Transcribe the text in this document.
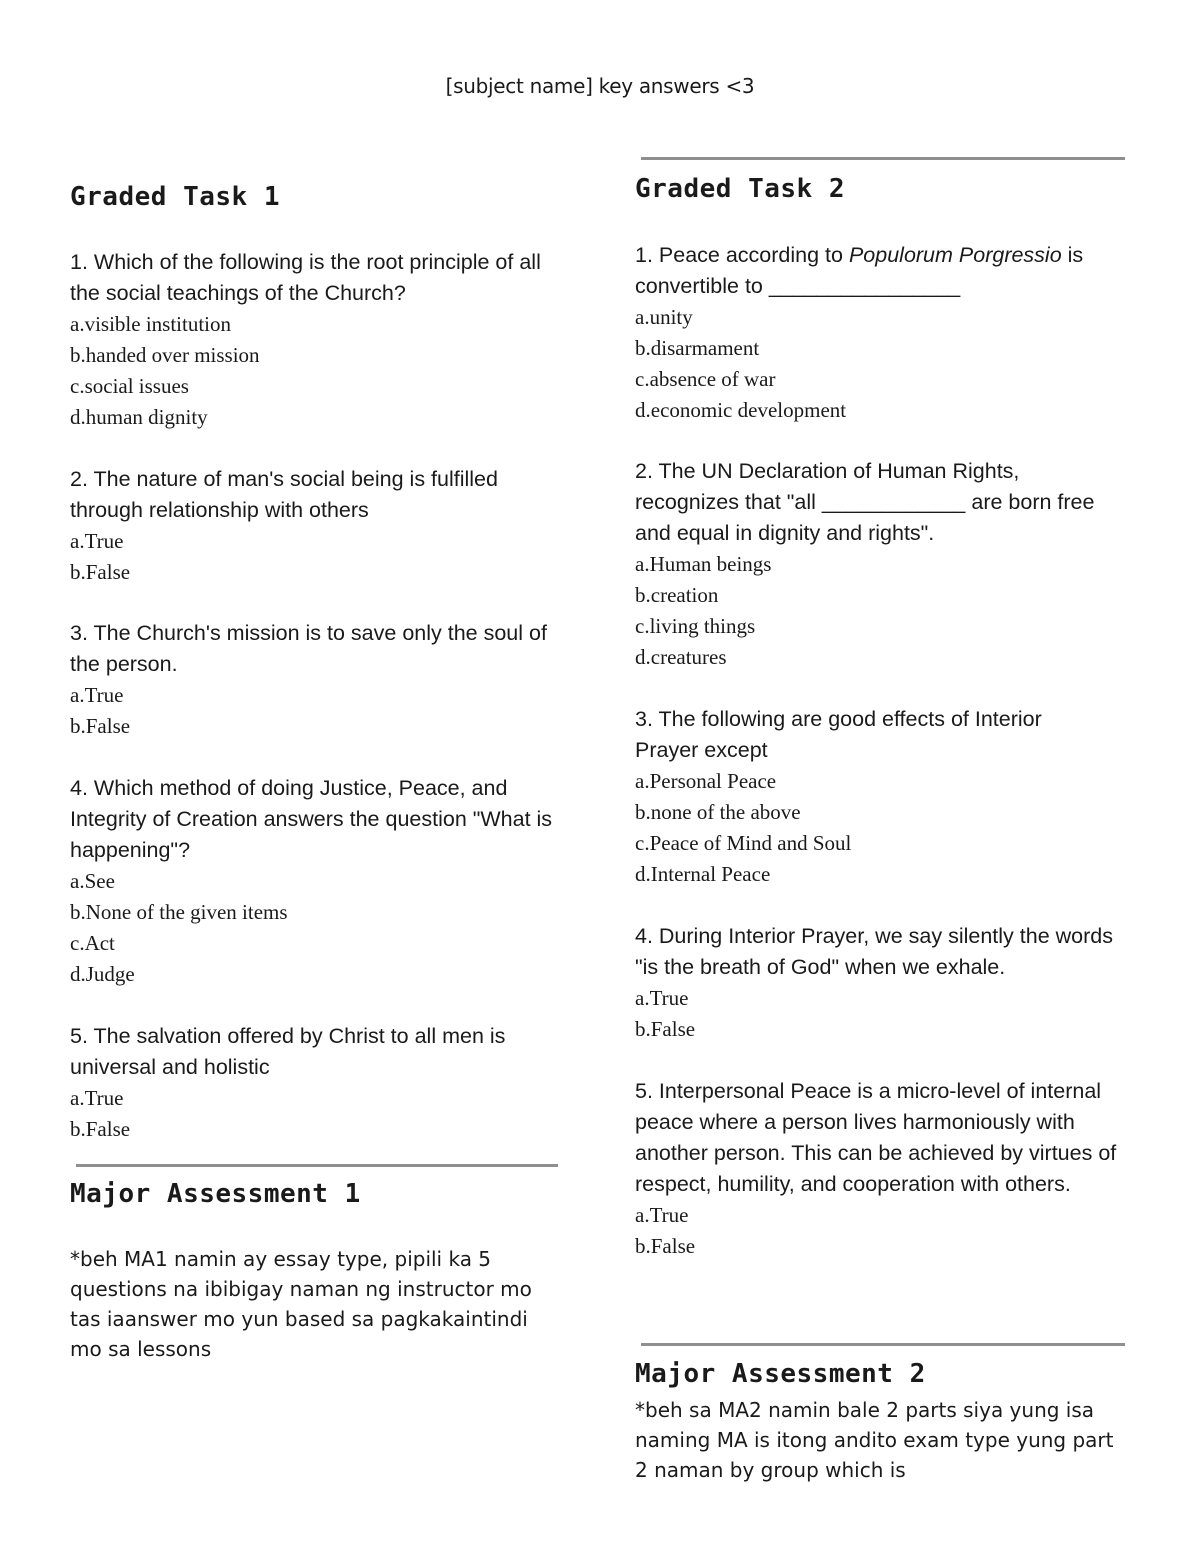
[subject name] key answers <3
Graded Task 1

1. Which of the following is the root principle of all the social teachings of the Church?

a.visible institution

b.handed over mission

c.social issues

d.human dignity

2. The nature of man's social being is fulfilled through relationship with others

a.True

b.False

3. The Church's mission is to save only the soul of the person.

a.True

b.False

4. Which method of doing Justice, Peace, and Integrity of Creation answers the question "What is happening"?

a.See

b.None of the given items

c.Act

d.Judge

5. The salvation offered by Christ to all men is universal and holistic

a.True

b.False

Major Assessment 1

*beh MA1 namin ay essay type, pipili ka 5 questions na ibibigay naman ng instructor mo tas iaanswer mo yun based sa pagkakaintindi mo sa lessons

Graded Task 2

1. Peace according to Populorum Porgressio is convertible to ________________

a.unity

b.disarmament

c.absence of war

d.economic development

2. The UN Declaration of Human Rights, recognizes that "all ____________ are born free and equal in dignity and rights".

a.Human beings

b.creation

c.living things

d.creatures

3. The following are good effects of Interior Prayer except

a.Personal Peace

b.none of the above

c.Peace of Mind and Soul

d.Internal Peace

4. During Interior Prayer, we say silently the words "is the breath of God" when we exhale.

a.True

b.False

5. Interpersonal Peace is a micro-level of internal peace where a person lives harmoniously with another person. This can be achieved by virtues of respect, humility, and cooperation with others.

a.True

b.False

Major Assessment 2

*beh sa MA2 namin bale 2 parts siya yung isa naming MA is itong andito exam type yung part 2 naman by group which is
